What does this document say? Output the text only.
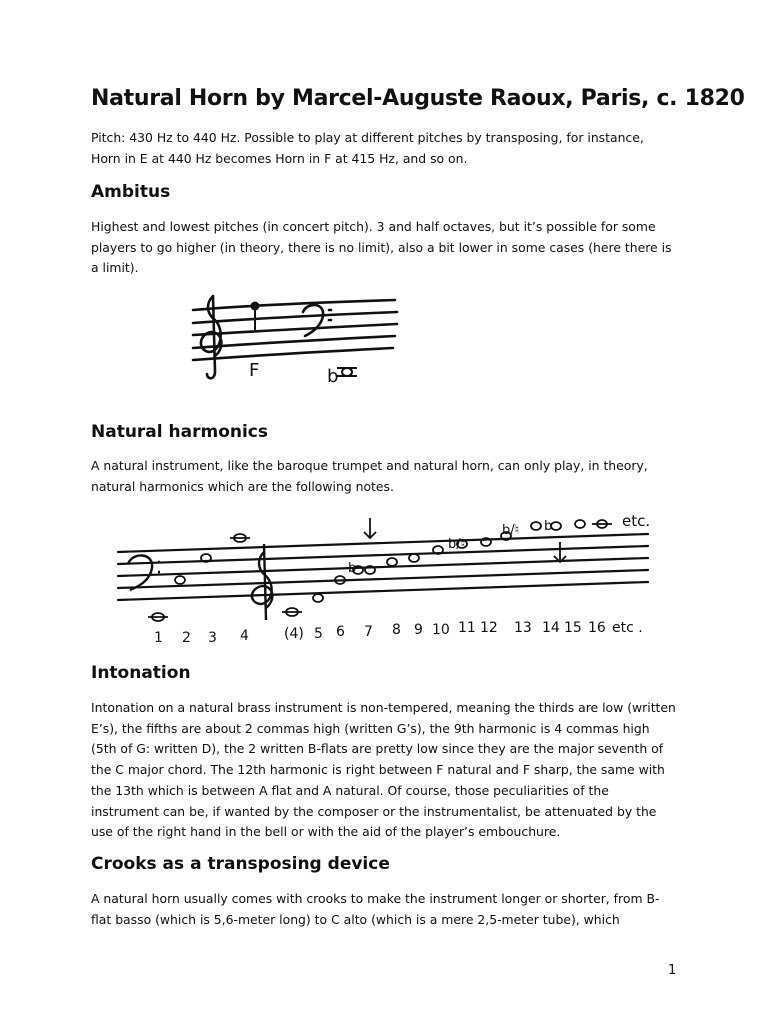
Natural Horn by Marcel-Auguste Raoux, Paris, c. 1820

Pitch: 430 Hz to 440 Hz. Possible to play at different pitches by transposing, for instance, Horn in E at 440 Hz becomes Horn in F at 415 Hz, and so on.

Ambitus

Highest and lowest pitches (in concert pitch). 3 and half octaves, but it’s possible for some players to go higher (in theory, there is no limit), also a bit lower in some cases (here there is a limit).

Natural harmonics

A natural instrument, like the baroque trumpet and natural horn, can only play, in theory, natural harmonics which are the following notes.

Intonation

Intonation on a natural brass instrument is non-tempered, meaning the thirds are low (written E’s), the fifths are about 2 commas high (written G’s), the 9th harmonic is 4 commas high (5th of G: written D), the 2 written B-flats are pretty low since they are the major seventh of the C major chord. The 12th harmonic is right between F natural and F sharp, the same with the 13th which is between A flat and A natural. Of course, those peculiarities of the instrument can be, if wanted by the composer or the instrumentalist, be attenuated by the use of the right hand in the bell or with the aid of the player’s embouchure.

Crooks as a transposing device

A natural horn usually comes with crooks to make the instrument longer or shorter, from B-flat basso (which is 5,6-meter long) to C alto (which is a mere 2,5-meter tube), which

F	b
b
b/♮
b/♮ b	etc.
1 2 3 4	(4) 5 6 7 8 9 10 11 12 13 14 15 16 etc .
1
